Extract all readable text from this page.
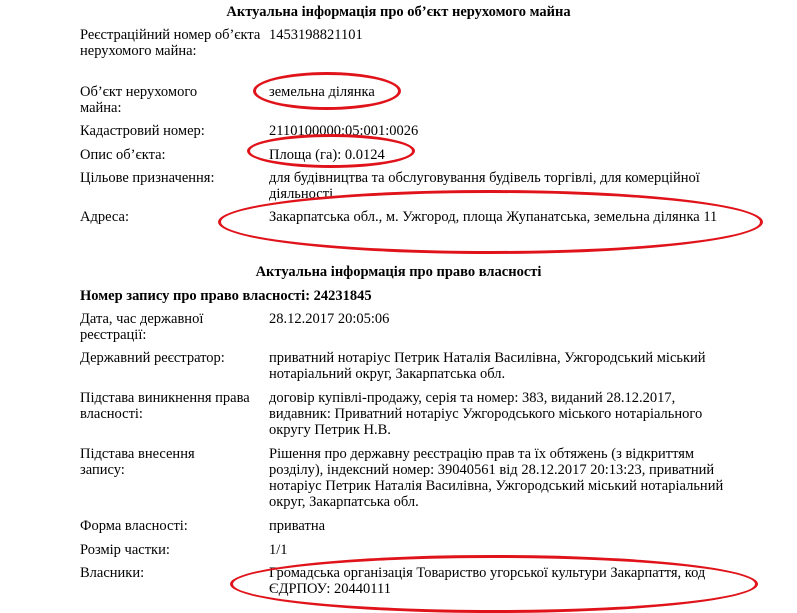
Актуальна інформація про об’єкт нерухомого майна
Реєстраційний номер об’єкта нерухомого майна:
1453198821101
Об’єкт нерухомого майна:
земельна ділянка
Кадастровий номер:	2110100000:05:001:0026
Опис об’єкта:	Площа (га): 0.0124
Цільове призначення:	для будівництва та обслуговування будівель торгівлі, для комерційної діяльності
Адреса:	Закарпатська обл., м. Ужгород, площа Жупанатська, земельна ділянка 11
Актуальна інформація про право власності
Номер запису про право власності: 24231845
Дата, час державної реєстрації:
28.12.2017 20:05:06
Державний реєстратор:	приватний нотаріус Петрик Наталія Василівна, Ужгородський міський нотаріальний округ, Закарпатська обл.
Підстава виникнення права власності:
договір купівлі-продажу, серія та номер: 383, виданий 28.12.2017, видавник: Приватний нотаріус Ужгородського міського нотаріального округу Петрик Н.В.
Підстава внесення запису:
Рішення про державну реєстрацію прав та їх обтяжень (з відкриттям розділу), індексний номер: 39040561 від 28.12.2017 20:13:23, приватний нотаріус Петрик Наталія Василівна, Ужгородський міський нотаріальний округ, Закарпатська обл.
Форма власності:	приватна
Розмір частки:	1/1
Власники:	Громадська організація Товариство угорської культури Закарпаття, код ЄДРПОУ: 20440111
